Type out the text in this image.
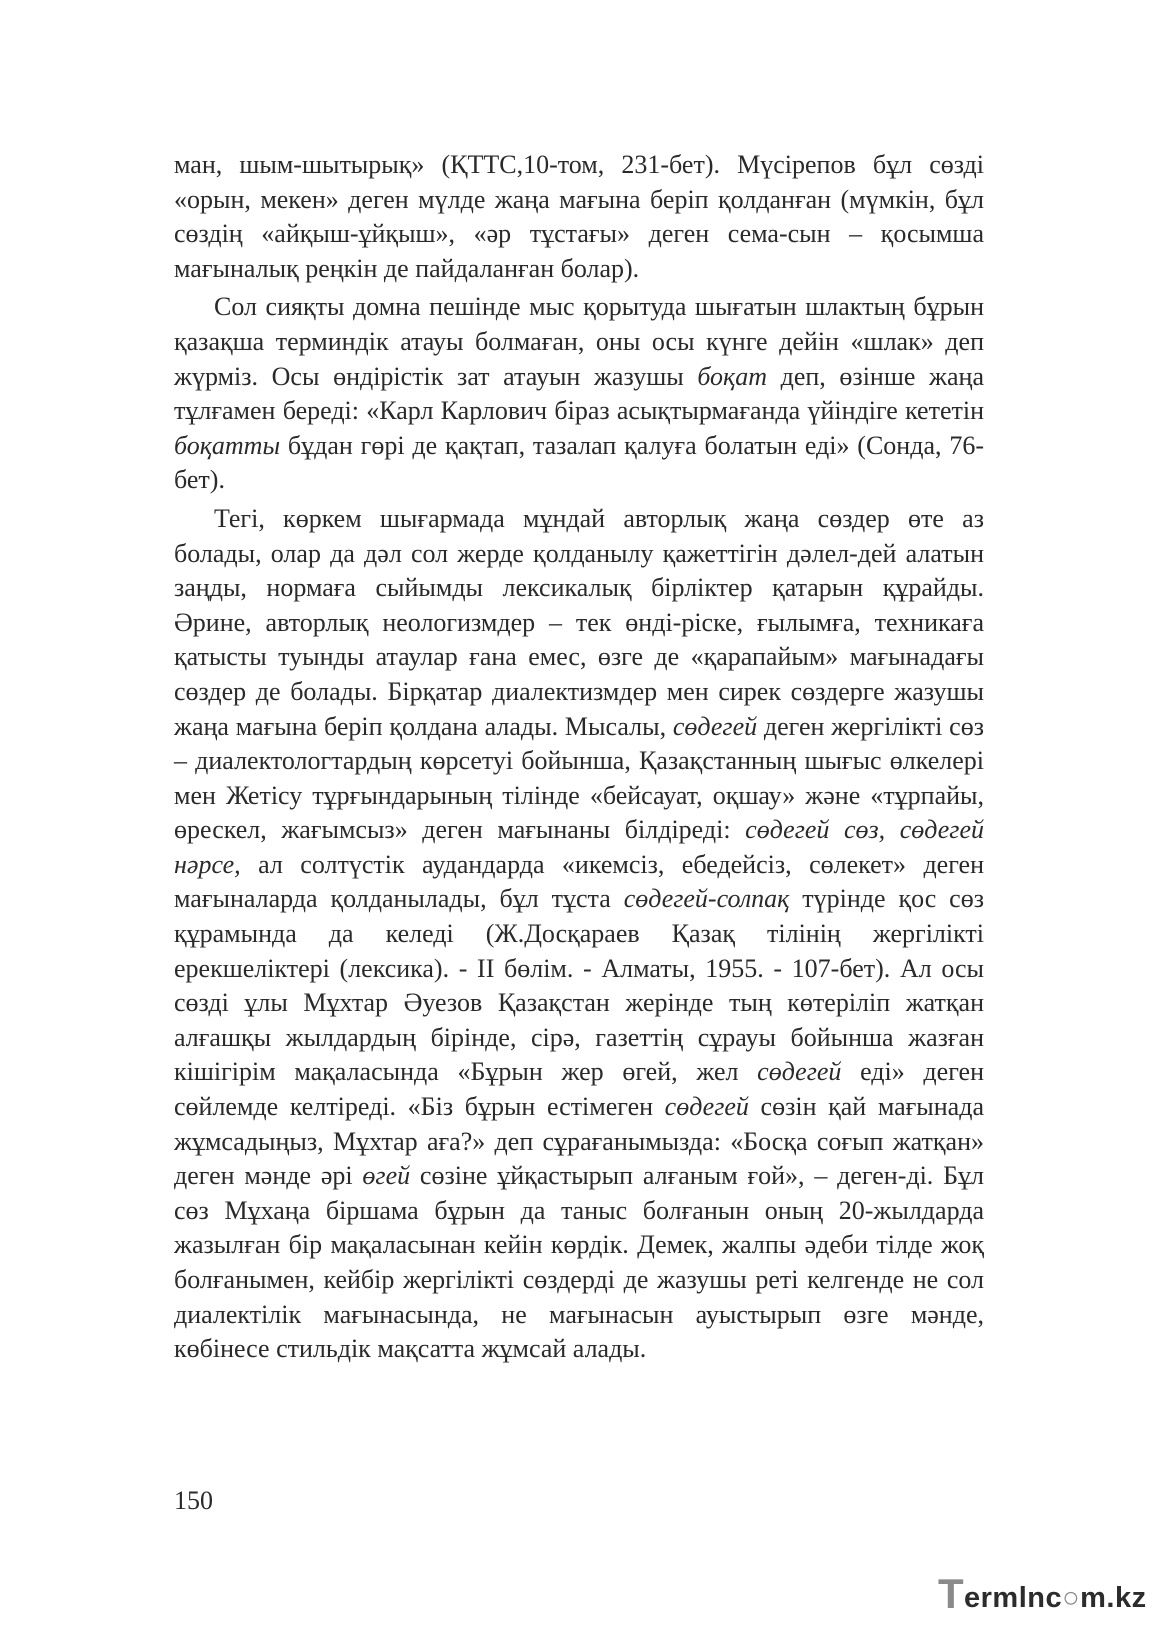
ман, шым-шытырық» (ҚТТС,10-том, 231-бет). Мүсірепов бұл сөзді «орын, мекен» деген мүлде жаңа мағына беріп қолданған (мүмкін, бұл сөздің «айқыш-ұйқыш», «әр тұстағы» деген сема-сын – қосымша мағыналық реңкін де пайдаланған болар).

Сол сияқты домна пешінде мыс қорытуда шығатын шлактың бұрын қазақша терминдік атауы болмаған, оны осы күнге дейін «шлак» деп жүрміз. Осы өндірістік зат атауын жазушы боқат деп, өзінше жаңа тұлғамен береді: «Карл Карлович біраз асықтырмағанда үйіндіге кететін боқатты бұдан гөрі де қақтап, тазалап қалуға болатын еді» (Сонда, 76-бет).

Тегі, көркем шығармада мұндай авторлық жаңа сөздер өте аз болады, олар да дәл сол жерде қолданылу қажеттігін дәлел-дей алатын заңды, нормаға сыйымды лексикалық бірліктер қатарын құрайды. Әрине, авторлық неологизмдер – тек өнді-ріске, ғылымға, техникаға қатысты туынды атаулар ғана емес, өзге де «қарапайым» мағынадағы сөздер де болады. Бірқатар диалектизмдер мен сирек сөздерге жазушы жаңа мағына беріп қолдана алады. Мысалы, сөдегей деген жергілікті сөз – диалектологтардың көрсетуі бойынша, Қазақстанның шығыс өлкелері мен Жетісу тұрғындарының тілінде «бейсауат, оқшау» және «тұрпайы, өрескел, жағымсыз» деген мағынаны білдіреді: сөдегей сөз, сөдегей нәрсе, ал солтүстік аудандарда «икемсіз, ебедейсіз, сөлекет» деген мағыналарда қолданылады, бұл тұста сөдегей-солпақ түрінде қос сөз құрамында да келеді (Ж.Досқараев Қазақ тілінің жергілікті ерекшеліктері (лексика). - II бөлім. - Алматы, 1955. - 107-бет). Ал осы сөзді ұлы Мұхтар Әуезов Қазақстан жерінде тың көтеріліп жатқан алғашқы жылдардың бірінде, сірә, газеттің сұрауы бойынша жазған кішігірім мақаласында «Бұрын жер өгей, жел сөдегей еді» деген сөйлемде келтіреді. «Біз бұрын естімеген сөдегей сөзін қай мағынада жұмсадыңыз, Мұхтар аға?» деп сұрағанымызда: «Босқа соғып жатқан» деген мәнде әрі өгей сөзіне ұйқастырып алғаным ғой», – деген-ді. Бұл сөз Мұхаңа біршама бұрын да таныс болғанын оның 20-жылдарда жазылған бір мақаласынан кейін көрдік. Демек, жалпы әдеби тілде жоқ болғанымен, кейбір жергілікті сөздерді де жазушы реті келгенде не сол диалектілік мағынасында, не мағынасын ауыстырып өзге мәнде, көбінесе стильдік мақсатта жұмсай алады.

150
T ermlnc○m.kz
